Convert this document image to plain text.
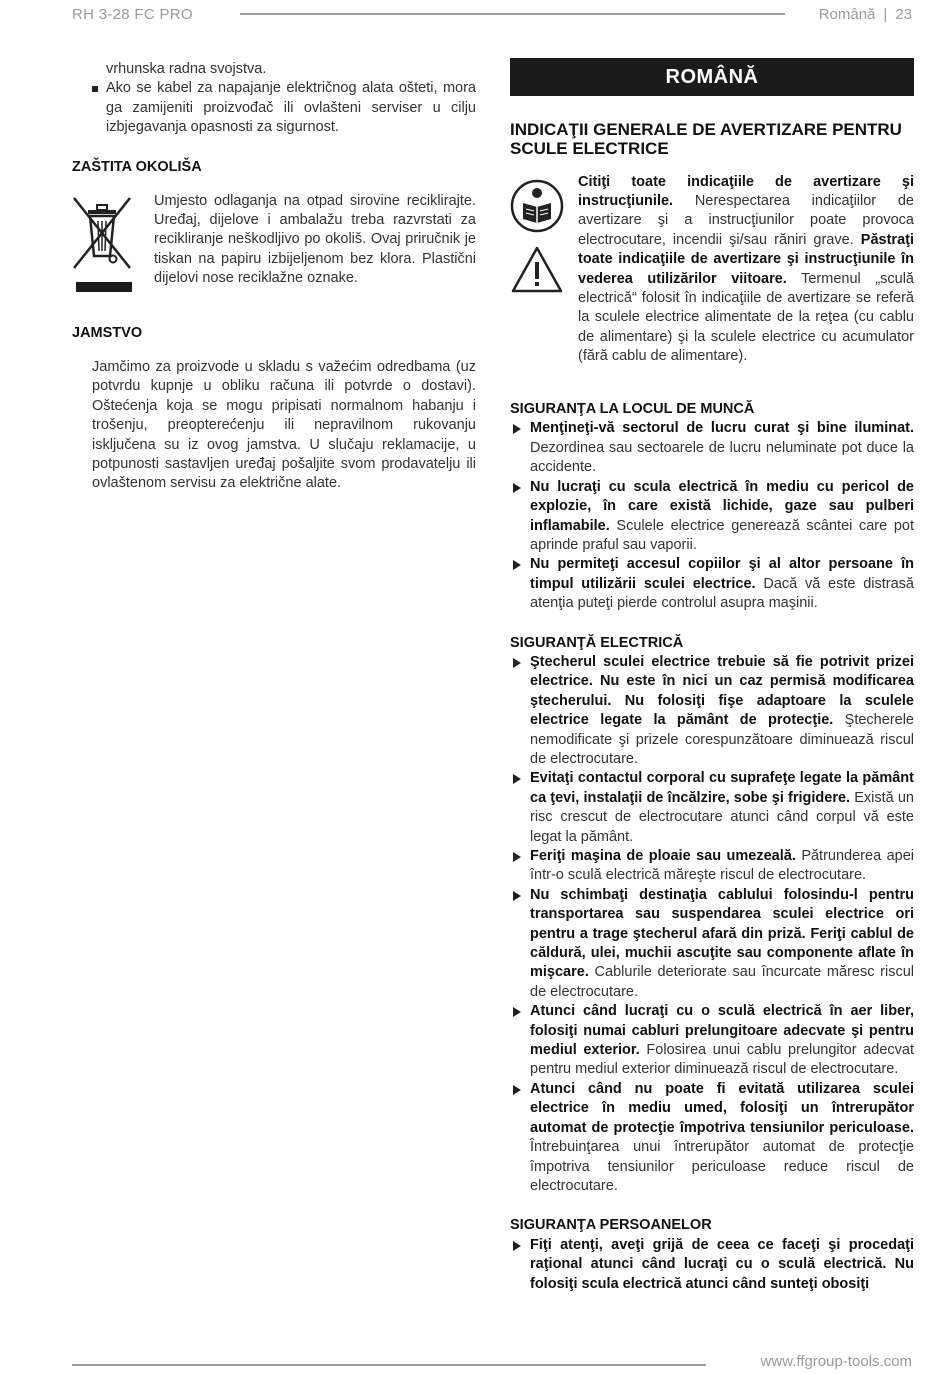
RH 3-28 FC PRO	Română | 23

vrhunska radna svojstva.

Ako se kabel za napajanje električnog alata ošteti, mora ga zamijeniti proizvođač ili ovlašteni serviser u cilju izbjegavanja opasnosti za sigurnost.

ZAŠTITA OKOLIŠA

Umjesto odlaganja na otpad sirovine reciklirajte. Uređaj, dijelove i ambalažu treba razvrstati za recikliranje neškodljivo po okoliš. Ovaj priručnik je tiskan na papiru izbijeljenom bez klora. Plastični dijelovi nose reciklažne oznake.

JAMSTVO

Jamčimo za proizvode u skladu s važećim odredbama (uz potvrdu kupnje u obliku računa ili potvrde o dostavi). Oštećenja koja se mogu pripisati normalnom habanju i trošenju, preopterećenju ili nepravilnom rukovanju isključena su iz ovog jamstva. U slučaju reklamacije, u potpunosti sastavljen uređaj pošaljite svom prodavatelju ili ovlaštenom servisu za električne alate.

ROMÂNĂ

INDICAŢII GENERALE DE AVERTIZARE PENTRU SCULE ELECTRICE

Citiţi toate indicaţiile de avertizare şi instrucţiunile. Nerespectarea indicaţiilor de avertizare şi a instrucţiunilor poate provoca electrocutare, incendii şi/sau răniri grave. Păstraţi toate indicaţiile de avertizare şi instrucţiunile în vederea utilizărilor viitoare. Termenul „sculă electrică“ folosit în indicaţiile de avertizare se referă la sculele electrice alimentate de la reţea (cu cablu de alimentare) şi la sculele electrice cu acumulator (fără cablu de alimentare).

SIGURANŢA LA LOCUL DE MUNCĂ

Menţineţi-vă sectorul de lucru curat şi bine iluminat. Dezordinea sau sectoarele de lucru neluminate pot duce la accidente.
Nu lucraţi cu scula electrică în mediu cu pericol de explozie, în care există lichide, gaze sau pulberi inflamabile. Sculele electrice generează scântei care pot aprinde praful sau vaporii.
Nu permiteţi accesul copiilor şi al altor persoane în timpul utilizării sculei electrice. Dacă vă este distrasă atenţia puteţi pierde controlul asupra maşinii.

SIGURANŢĂ ELECTRICĂ

Ştecherul sculei electrice trebuie să fie potrivit prizei electrice. Nu este în nici un caz permisă modificarea ştecherului. Nu folosiţi fişe adaptoare la sculele electrice legate la pământ de protecţie. Ştecherele nemodificate şi prizele corespunzătoare diminuează riscul de electrocutare.
Evitaţi contactul corporal cu suprafeţe legate la pământ ca ţevi, instalaţii de încălzire, sobe şi frigidere. Există un risc crescut de electrocutare atunci când corpul vă este legat la pământ.
Feriţi maşina de ploaie sau umezeală. Pătrunderea apei într-o sculă electrică măreşte riscul de electrocutare.
Nu schimbaţi destinaţia cablului folosindu-l pentru transportarea sau suspendarea sculei electrice ori pentru a trage ştecherul afară din priză. Feriţi cablul de căldură, ulei, muchii ascuţite sau componente aflate în mişcare. Cablurile deteriorate sau încurcate măresc riscul de electrocutare.
Atunci când lucraţi cu o sculă electrică în aer liber, folosiţi numai cabluri prelungitoare adecvate şi pentru mediul exterior. Folosirea unui cablu prelungitor adecvat pentru mediul exterior diminuează riscul de electrocutare.
Atunci când nu poate fi evitată utilizarea sculei electrice în mediu umed, folosiţi un întrerupător automat de protecţie împotriva tensiunilor periculoase. Întrebuinţarea unui întrerupător automat de protecţie împotriva tensiunilor periculoase reduce riscul de electrocutare.

SIGURANŢA PERSOANELOR

Fiţi atenţi, aveţi grijă de ceea ce faceţi şi procedaţi raţional atunci când lucraţi cu o sculă electrică. Nu folosiţi scula electrică atunci când sunteţi obosiţi
www.ffgroup-tools.com
